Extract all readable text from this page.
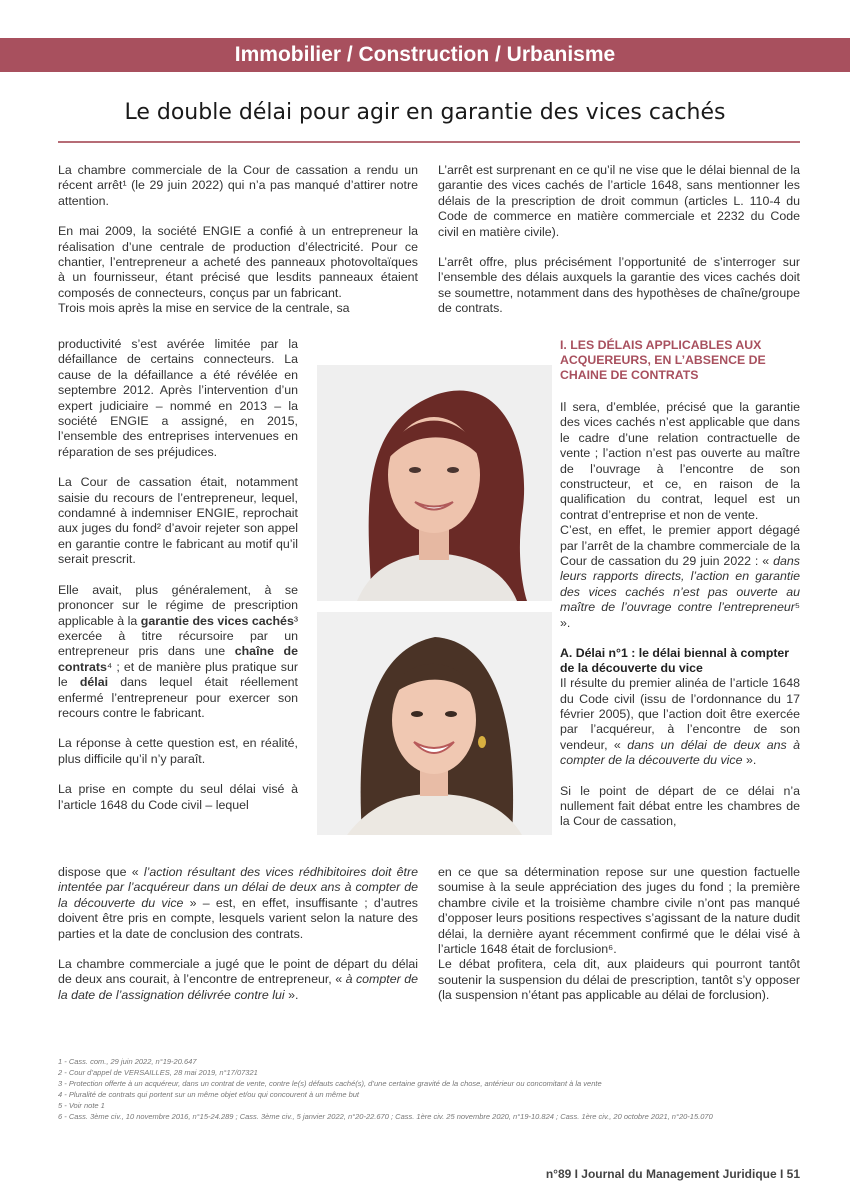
Immobilier / Construction / Urbanisme
Le double délai pour agir en garantie des vices cachés

La chambre commerciale de la Cour de cassation a rendu un récent arrêt¹ (le 29 juin 2022) qui n’a pas manqué d’attirer notre attention.

En mai 2009, la société ENGIE a confié à un entrepreneur la réalisation d’une centrale de production d’électricité. Pour ce chantier, l’entrepreneur a acheté des panneaux photovoltaïques à un fournisseur, étant précisé que lesdits panneaux étaient composés de connecteurs, conçus par un fabricant.

Trois mois après la mise en service de la centrale, sa

productivité s’est avérée limitée par la défaillance de certains connecteurs. La cause de la défaillance a été révélée en septembre 2012. Après l’intervention d’un expert judiciaire – nommé en 2013 – la société ENGIE a assigné, en 2015, l’ensemble des entreprises intervenues en réparation de ses préjudices.

La Cour de cassation était, notamment saisie du recours de l’entrepreneur, lequel, condamné à indemniser ENGIE, reprochait aux juges du fond² d’avoir rejeter son appel en garantie contre le fabricant au motif qu’il serait prescrit.

Elle avait, plus généralement, à se prononcer sur le régime de prescription applicable à la garantie des vices cachés³ exercée à titre récursoire par un entrepreneur pris dans une chaîne de contrats⁴ ; et de manière plus pratique sur le délai dans lequel était réellement enfermé l’entrepreneur pour exercer son recours contre le fabricant.

La réponse à cette question est, en réalité, plus difficile qu’il n’y paraît.

La prise en compte du seul délai visé à l’article 1648 du Code civil – lequel

dispose que « l’action résultant des vices rédhibitoires doit être intentée par l’acquéreur dans un délai de deux ans à compter de la découverte du vice » – est, en effet, insuffisante ; d’autres doivent être pris en compte, lesquels varient selon la nature des parties et la date de conclusion des contrats.

La chambre commerciale a jugé que le point de départ du délai de deux ans courait, à l’encontre de entrepreneur, « à compter de la date de l’assignation délivrée contre lui ».

L’arrêt est surprenant en ce qu’il ne vise que le délai biennal de la garantie des vices cachés de l’article 1648, sans mentionner les délais de la prescription de droit commun (articles L. 110-4 du Code de commerce en matière commerciale et 2232 du Code civil en matière civile).

L’arrêt offre, plus précisément l’opportunité de s’interroger sur l’ensemble des délais auxquels la garantie des vices cachés doit se soumettre, notamment dans des hypothèses de chaîne/groupe de contrats.

I. LES DÉLAIS APPLICABLES AUX ACQUEREURS, EN L’ABSENCE DE CHAINE DE CONTRATS

Il sera, d’emblée, précisé que la garantie des vices cachés n’est applicable que dans le cadre d’une relation contractuelle de vente ; l’action n’est pas ouverte au maître de l’ouvrage à l’encontre de son constructeur, et ce, en raison de la qualification du contrat, lequel est un contrat d’entreprise et non de vente.

C’est, en effet, le premier apport dégagé par l’arrêt de la chambre commerciale de la Cour de cassation du 29 juin 2022 : « dans leurs rapports directs, l’action en garantie des vices cachés n’est pas ouverte au maître de l’ouvrage contre l’entrepreneur⁵ ».

A. Délai n°1 : le délai biennal à compter de la découverte du vice

Il résulte du premier alinéa de l’article 1648 du Code civil (issu de l’ordonnance du 17 février 2005), que l’action doit être exercée par l’acquéreur, à l’encontre de son vendeur, « dans un délai de deux ans à compter de la découverte du vice ».

Si le point de départ de ce délai n’a nullement fait débat entre les chambres de la Cour de cassation,

en ce que sa détermination repose sur une question factuelle soumise à la seule appréciation des juges du fond ; la première chambre civile et la troisième chambre civile n’ont pas manqué d’opposer leurs positions respectives s’agissant de la nature dudit délai, la dernière ayant récemment confirmé que le délai visé à l’article 1648 était de forclusion⁶.

Le débat profitera, cela dit, aux plaideurs qui pourront tantôt soutenir la suspension du délai de prescription, tantôt s’y opposer (la suspension n’étant pas applicable au délai de forclusion).

1 - Cass. com., 29 juin 2022, n°19-20.647
2 - Cour d’appel de VERSAILLES, 28 mai 2019, n°17/07321
3 - Protection offerte à un acquéreur, dans un contrat de vente, contre le(s) défauts caché(s), d’une certaine gravité de la chose, antérieur ou concomitant à la vente
4 - Pluralité de contrats qui portent sur un même objet et/ou qui concourent à un même but
5 - Voir note 1
6 - Cass. 3ème civ., 10 novembre 2016, n°15-24.289 ; Cass. 3ème civ., 5 janvier 2022, n°20-22.670 ; Cass. 1ère civ. 25 novembre 2020, n°19-10.824 ; Cass. 1ère civ., 20 octobre 2021, n°20-15.070
n°89 I Journal du Management Juridique I 51
